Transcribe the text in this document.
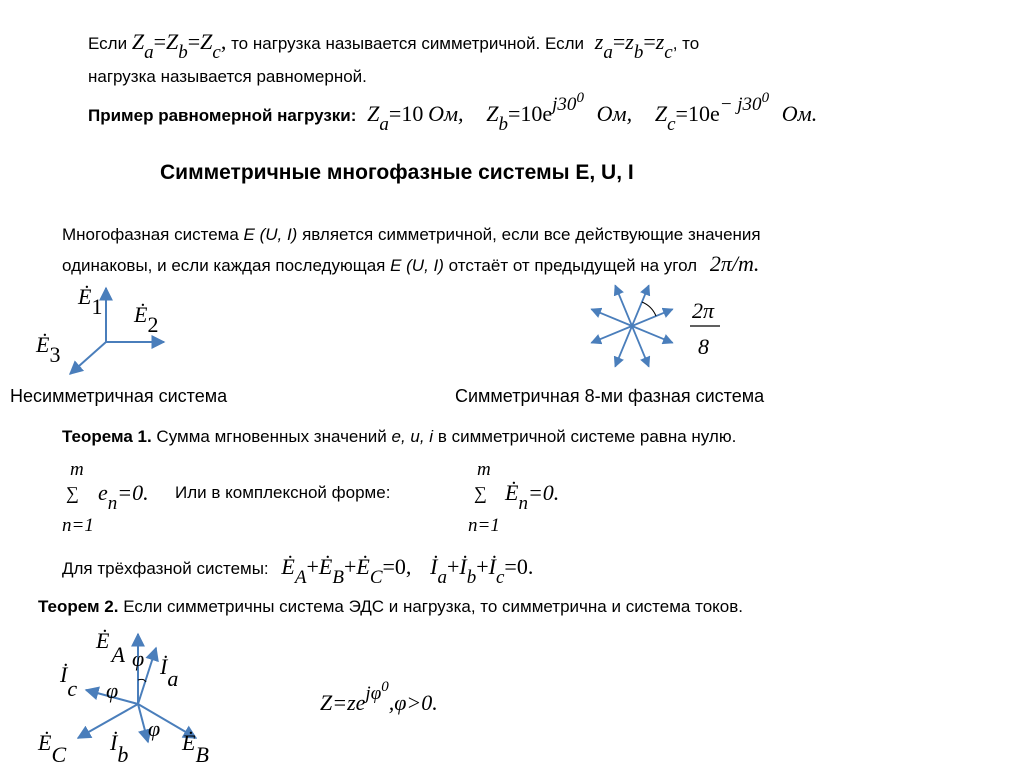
Если Za=Zb=Zc, то нагрузка называется симметричной. Если za=zb=zc, то
нагрузка называется равномерной.
Пример равномерной нагрузки: Za=10 Ом, $Zb=10ej30^0$ Ом, $Zc=10e- j30^0$ Ом.
Симметричные многофазные системы E, U, I
Многофазная система E (U, I) является симметричной, если все действующие значения
одинаковы, и если каждая последующая E (U, I) отстаёт от предыдущей на угол 2π/m.
Ė1 Ė2
Ė3
2π
8
Несимметричная система	Симметричная 8-ми фазная система
Теорема 1. Сумма мгновенных значений e, u, i в симметричной системе равна нулю.
m
∑
n=1
en=0. Или в комплексной форме:
m
∑
n=1
Ėn=0.
Для трёхфазной системы: ĖA+ĖB+ĖC=0, İa+İb+İc=0.
Теорем 2. Если симметричны система ЭДС и нагрузка, то симметрична и система токов.
ĖA φ İa
İc φ
φ
ĖC İb ĖB
Z=zejφ$^0$,φ>0.
